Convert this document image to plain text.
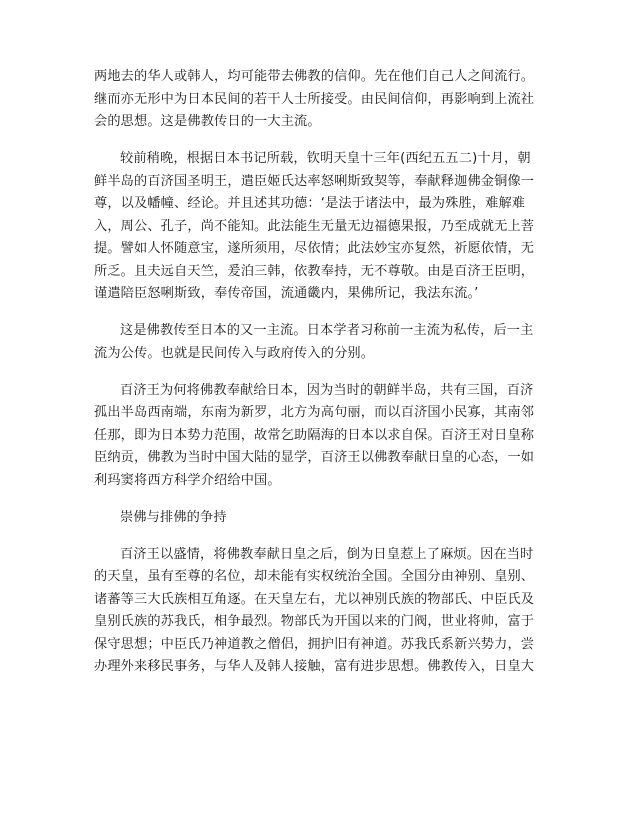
两地去的华人或韩人，均可能带去佛教的信仰。先在他们自己人之间流行。
继而亦无形中为日本民间的若干人士所接受。由民间信仰，再影响到上流社
会的思想。这是佛教传日的一大主流。
较前稍晚，根据日本书记所载，钦明天皇十三年(西纪五五二)十月，朝
鲜半岛的百济国圣明王，遣臣姬氏达率怒唎斯致契等，奉献释迦佛金铜像一
尊，以及幡幢、经论。并且述其功德：‘是法于诸法中，最为殊胜，难解难
入，周公、孔子，尚不能知。此法能生无量无边福德果报，乃至成就无上菩
提。譬如人怀随意宝，遂所须用，尽依情；此法妙宝亦复然，祈愿依情，无
所乏。且夫远自天竺，爰泊三韩，依教奉持，无不尊敬。由是百济王臣明，
谨遣陪臣怒唎斯致，奉传帝国，流通畿内，果佛所记，我法东流。’
这是佛教传至日本的又一主流。日本学者习称前一主流为私传，后一主
流为公传。也就是民间传入与政府传入的分别。
百济王为何将佛教奉献给日本，因为当时的朝鲜半岛，共有三国，百济
孤出半岛西南端，东南为新罗，北方为高句丽，而以百济国小民寡，其南邻
任那，即为日本势力范围，故常乞助隔海的日本以求自保。百济王对日皇称
臣纳贡，佛教为当时中国大陆的显学，百济王以佛教奉献日皇的心态，一如
利玛窦将西方科学介绍给中国。
崇佛与排佛的争持
百济王以盛情，将佛教奉献日皇之后，倒为日皇惹上了麻烦。因在当时
的天皇，虽有至尊的名位，却未能有实权统治全国。全国分由神别、皇别、
诸蕃等三大氏族相互角逐。在天皇左右，尤以神别氏族的物部氏、中臣氏及
皇别氏族的苏我氏，相争最烈。物部氏为开国以来的门阀，世业将帅，富于
保守思想；中臣氏乃神道教之僧侣，拥护旧有神道。苏我氏系新兴势力，尝
办理外来移民事务，与华人及韩人接触，富有进步思想。佛教传入，日皇大
